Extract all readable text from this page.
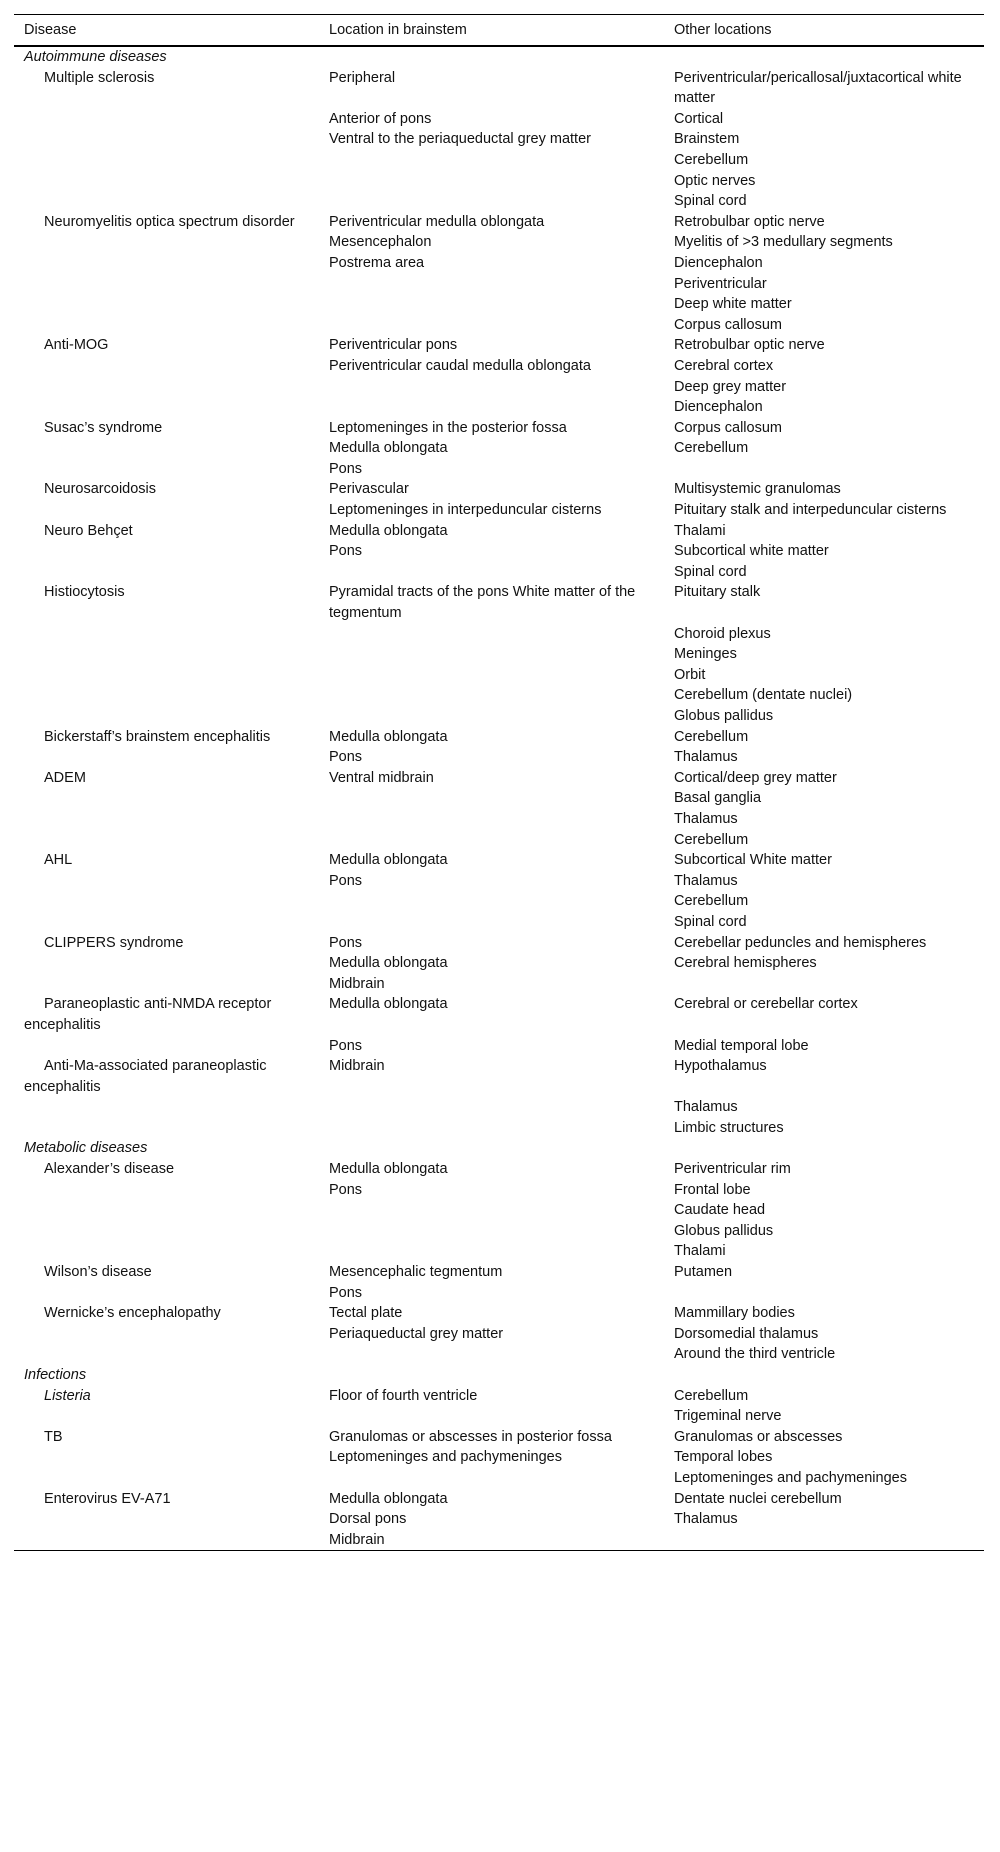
Disease	Location in brainstem	Other locations
Autoimmune diseases		
Multiple sclerosis	Peripheral	Periventricular/pericallosal/juxtacortical white matter
	Anterior of pons	Cortical
	Ventral to the periaqueductal grey matter	Brainstem
		Cerebellum
		Optic nerves
		Spinal cord
Neuromyelitis optica spectrum disorder	Periventricular medulla oblongata	Retrobulbar optic nerve
	Mesencephalon	Myelitis of >3 medullary segments
	Postrema area	Diencephalon
		Periventricular
		Deep white matter
		Corpus callosum
Anti-MOG	Periventricular pons	Retrobulbar optic nerve
	Periventricular caudal medulla oblongata	Cerebral cortex
		Deep grey matter
		Diencephalon
Susac’s syndrome	Leptomeninges in the posterior fossa	Corpus callosum
	Medulla oblongata	Cerebellum
	Pons	
Neurosarcoidosis	Perivascular	Multisystemic granulomas
	Leptomeninges in interpeduncular cisterns	Pituitary stalk and interpeduncular cisterns
Neuro Behçet	Medulla oblongata	Thalami
	Pons	Subcortical white matter
		Spinal cord
Histiocytosis	Pyramidal tracts of the pons White matter of the tegmentum	Pituitary stalk
		Choroid plexus
		Meninges
		Orbit
		Cerebellum (dentate nuclei)
		Globus pallidus
Bickerstaff’s brainstem encephalitis	Medulla oblongata	Cerebellum
	Pons	Thalamus
ADEM	Ventral midbrain	Cortical/deep grey matter
		Basal ganglia
		Thalamus
		Cerebellum
AHL	Medulla oblongata	Subcortical White matter
	Pons	Thalamus
		Cerebellum
		Spinal cord
CLIPPERS syndrome	Pons	Cerebellar peduncles and hemispheres
	Medulla oblongata	Cerebral hemispheres
	Midbrain	
Paraneoplastic anti-NMDA receptor encephalitis	Medulla oblongata	Cerebral or cerebellar cortex
	Pons	Medial temporal lobe
Anti-Ma-associated paraneoplastic encephalitis	Midbrain	Hypothalamus
		Thalamus
		Limbic structures
Metabolic diseases		
Alexander’s disease	Medulla oblongata	Periventricular rim
	Pons	Frontal lobe
		Caudate head
		Globus pallidus
		Thalami
Wilson’s disease	Mesencephalic tegmentum	Putamen
	Pons	
Wernicke’s encephalopathy	Tectal plate	Mammillary bodies
	Periaqueductal grey matter	Dorsomedial thalamus
		Around the third ventricle
Infections		
Listeria	Floor of fourth ventricle	Cerebellum
		Trigeminal nerve
TB	Granulomas or abscesses in posterior fossa	Granulomas or abscesses
	Leptomeninges and pachymeninges	Temporal lobes
		Leptomeninges and pachymeninges
Enterovirus EV-A71	Medulla oblongata	Dentate nuclei cerebellum
	Dorsal pons	Thalamus
	Midbrain	
